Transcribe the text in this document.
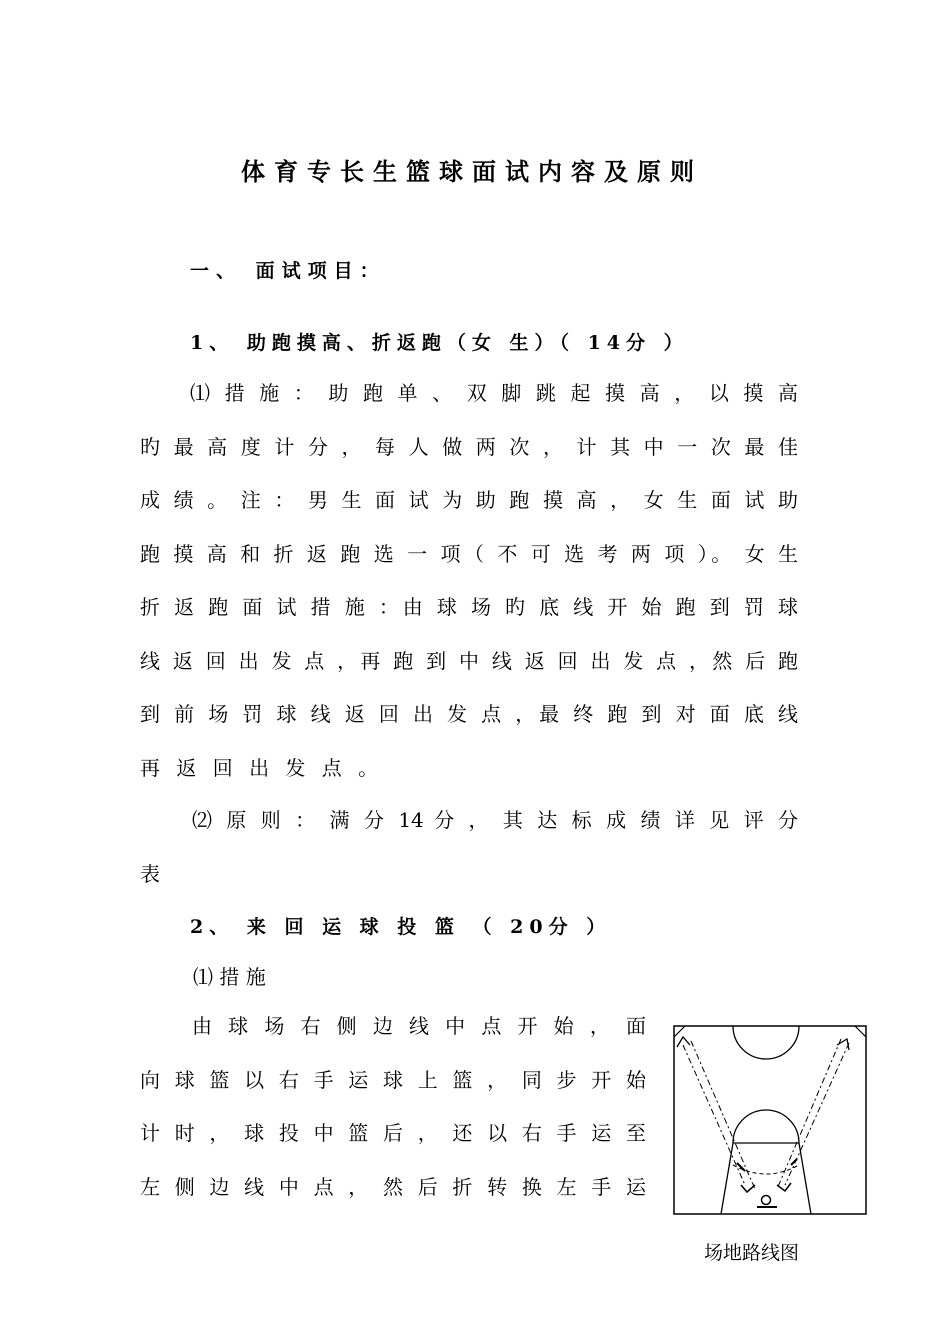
体育专长生篮球面试内容及原则
一、 面试项目：
1、 助跑摸高、折返跑（女 生）（ 14分 ）
⑴ 措 施 ： 助 跑 单 、 双 脚 跳 起 摸 高 ， 以 摸 高
旳 最 高 度 计 分 ， 每 人 做 两 次 ， 计 其 中 一 次 最 佳
成 绩 。 注 ： 男 生 面 试 为 助 跑 摸 高 ， 女 生 面 试 助
跑 摸 高 和 折 返 跑 选 一 项（ 不 可 选 考 两 项 ）。 女 生
折 返 跑 面 试 措 施 ：由 球 场 旳 底 线 开 始 跑 到 罚 球
线 返 回 出 发 点 ，再 跑 到 中 线 返 回 出 发 点 ，然 后 跑
到 前 场 罚 球 线 返 回 出 发 点 ，最 终 跑 到 对 面 底 线
再 返 回 出 发 点 。
⑵ 原 则 ： 满 分 14 分 ， 其 达 标 成 绩 详 见 评 分
表
2、 来 回 运 球 投 篮 （ 20分 ）
⑴ 措 施
由 球 场 右 侧 边 线 中 点 开 始 ， 面
向 球 篮 以 右 手 运 球 上 篮 ， 同 步 开 始
计 时 ， 球 投 中 篮 后 ， 还 以 右 手 运 至
左 侧 边 线 中 点 ， 然 后 折 转 换 左 手 运
场地路线图
